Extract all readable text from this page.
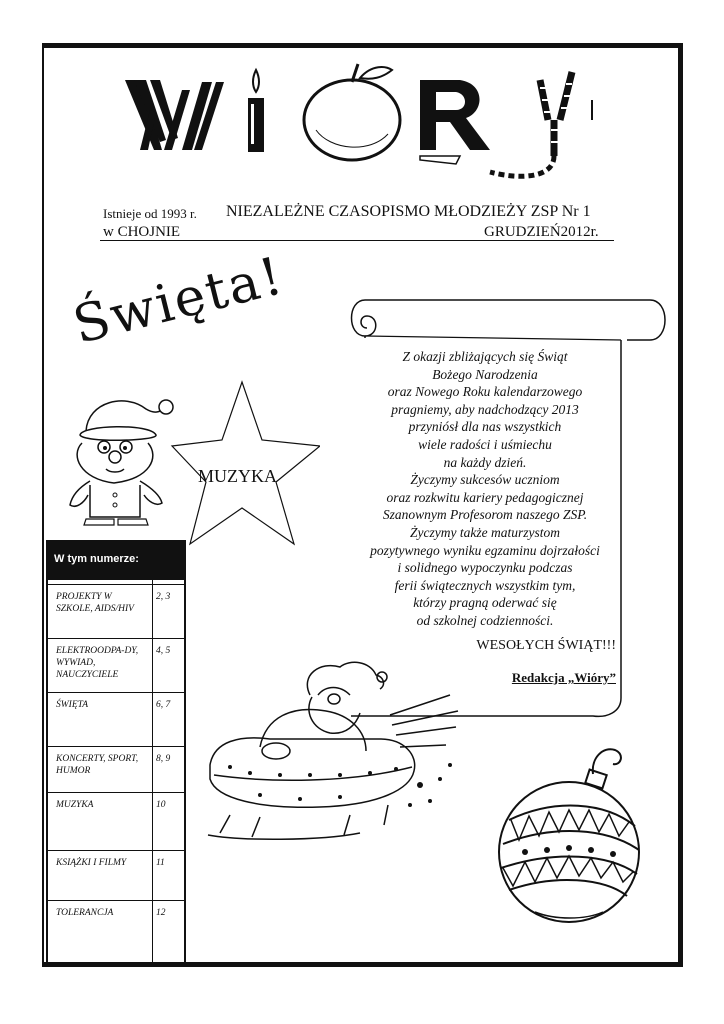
Istnieje od 1993 r. NIEZALEŻNE CZASOPISMO MŁODZIEŻY ZSP Nr 1
w CHOJNIE	GRUDZIEŃ2012r.
Święta!
Z okazji zbliżających się Świąt
Bożego Narodzenia
oraz Nowego Roku kalendarzowego
pragniemy, aby nadchodzący 2013
przyniósł dla nas wszystkich
wiele radości i uśmiechu
na każdy dzień.
Życzymy sukcesów uczniom
oraz rozkwitu kariery pedagogicznej
Szanownym Profesorom naszego ZSP.
Życzymy także maturzystom
pozytywnego wyniku egzaminu dojrzałości
i solidnego wypoczynku podczas
ferii świątecznych wszystkim tym,
którzy pragną oderwać się
od szkolnej codzienności.
WESOŁYCH ŚWIĄT!!!
Redakcja „Wióry”
MUZYKA
W tym numerze:
PROJEKTY W SZKOLE, AIDS/HIV
2, 3
ELEKTROODPA-DY, WYWIAD, NAUCZYCIELE
4, 5
ŚWIĘTA	6, 7
KONCERTY, SPORT, HUMOR
8, 9
MUZYKA	10
KSIĄŻKI I FILMY	11
TOLERANCJA	12
